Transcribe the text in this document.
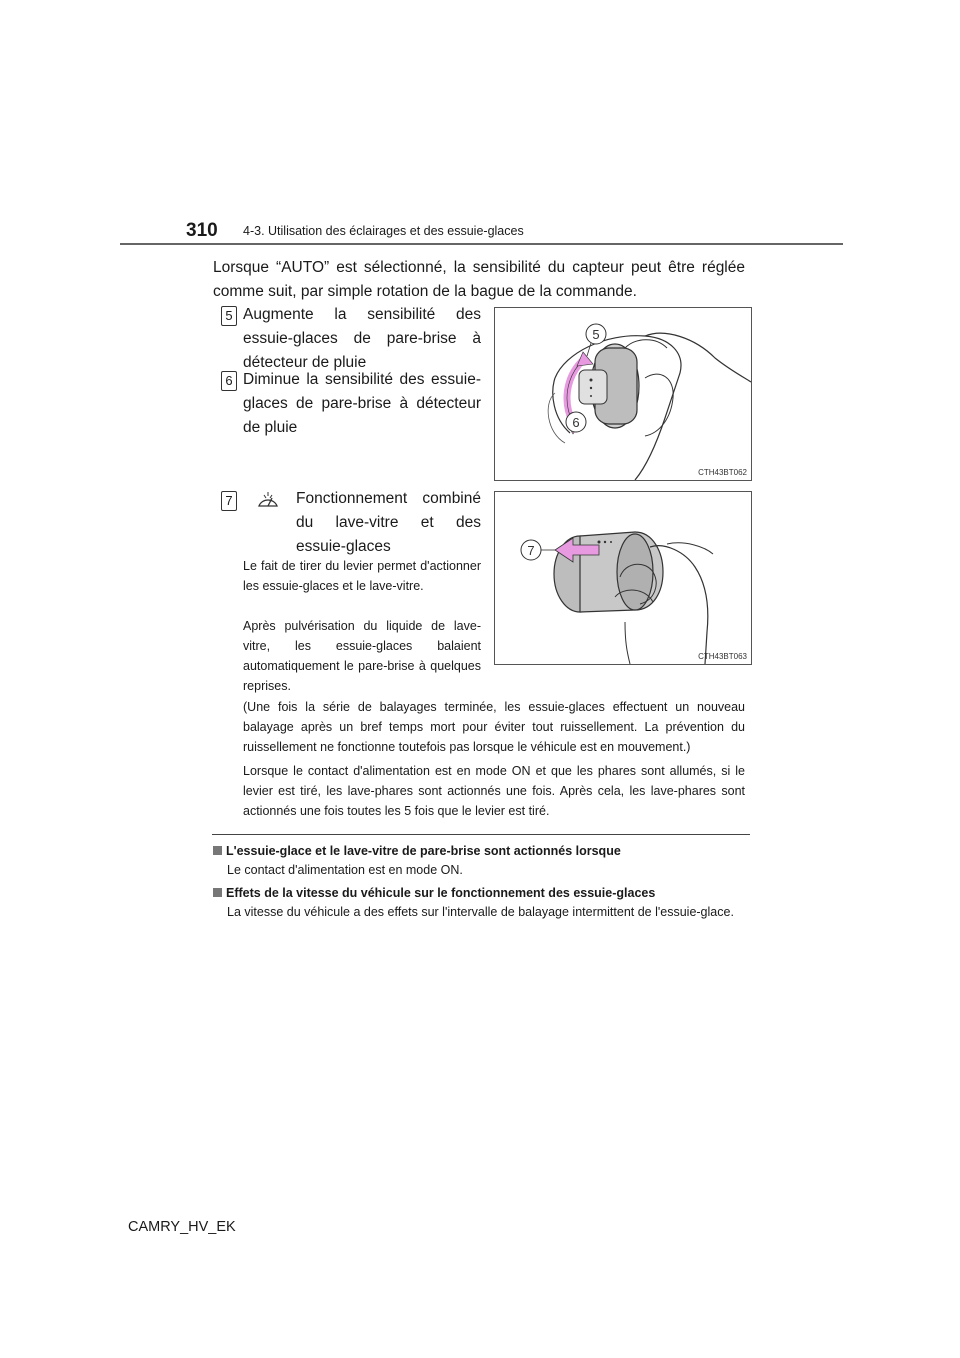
310 4-3. Utilisation des éclairages et des essuie-glaces
Lorsque “AUTO” est sélectionné, la sensibilité du capteur peut être réglée comme suit, par simple rotation de la bague de la commande.
5 Augmente la sensibilité des essuie-glaces de pare-brise à détecteur de pluie
6 Diminue la sensibilité des essuie-glaces de pare-brise à détecteur de pluie
5
6
CTH43BT062
7	Fonctionnement combiné du lave-vitre et des essuie-glaces
Le fait de tirer du levier permet d'actionner les essuie-glaces et le lave-vitre.
Après pulvérisation du liquide de lave-vitre, les essuie-glaces balaient automatiquement le pare-brise à quelques reprises.
7
CTH43BT063
(Une fois la série de balayages terminée, les essuie-glaces effectuent un nouveau balayage après un bref temps mort pour éviter tout ruissellement. La prévention du ruissellement ne fonctionne toutefois pas lorsque le véhicule est en mouvement.)
Lorsque le contact d'alimentation est en mode ON et que les phares sont allumés, si le levier est tiré, les lave-phares sont actionnés une fois. Après cela, les lave-phares sont actionnés une fois toutes les 5 fois que le levier est tiré.
L'essuie-glace et le lave-vitre de pare-brise sont actionnés lorsque
Le contact d'alimentation est en mode ON.
Effets de la vitesse du véhicule sur le fonctionnement des essuie-glaces
La vitesse du véhicule a des effets sur l'intervalle de balayage intermittent de l'essuie-glace.
CAMRY_HV_EK
